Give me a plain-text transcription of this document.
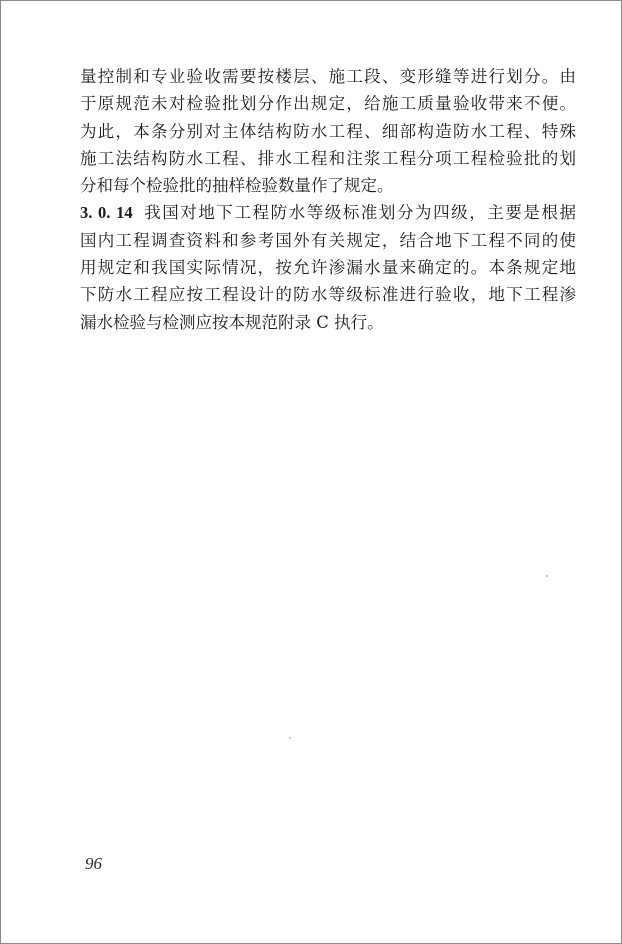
量控制和专业验收需要按楼层、施工段、变形缝等进行划分。由
于原规范未对检验批划分作出规定，给施工质量验收带来不便。
为此，本条分别对主体结构防水工程、细部构造防水工程、特殊
施工法结构防水工程、排水工程和注浆工程分项工程检验批的划
分和每个检验批的抽样检验数量作了规定。
3. 0. 14 我国对地下工程防水等级标准划分为四级，主要是根据
国内工程调查资料和参考国外有关规定，结合地下工程不同的使
用规定和我国实际情况，按允许渗漏水量来确定的。本条规定地
下防水工程应按工程设计的防水等级标准进行验收，地下工程渗
漏水检验与检测应按本规范附录 C 执行。
96
